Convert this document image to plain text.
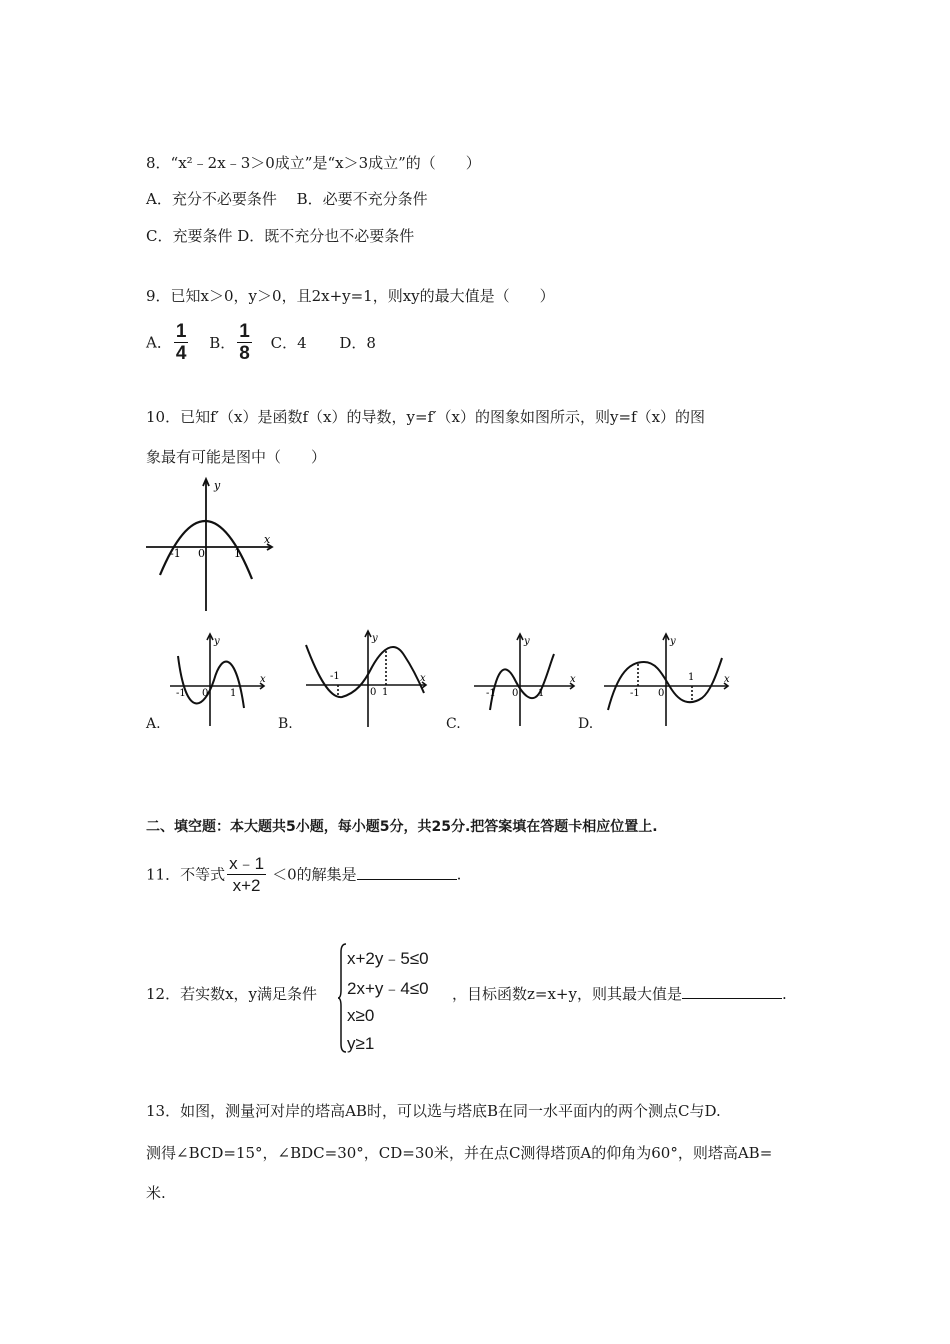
8．“x²﹣2x﹣3＞0成立”是“x＞3成立”的（　　）
A．充分不必要条件　 B．必要不充分条件
C．充要条件 D．既不充分也不必要条件
9．已知x＞0，y＞0，且2x+y=1，则xy的最大值是（　　）
A． $\frac{1}{4}$ B． $\frac{1}{8}$ C．4 D．8
10．已知f′（x）是函数f（x）的导数，y=f′（x）的图象如图所示，则y=f（x）的图
象最有可能是图中（　　）
y
x
-1 0	1
y
x
-1 0 1
A.
y
x
-1
0 1
B.
y
x
-1 0 1
C.
y
x
-1 0
1
D.
二、填空题：本大题共5小题，每小题5分，共25分.把答案填在答题卡相应位置上.
11．不等式 $\frac{x﹣1}{x+2} <0$的解集是	.
12．若实数x，y满足条件
x+2y﹣5≤0
2x+y﹣4≤0
x≥0
y≥1
，目标函数z=x+y，则其最大值是	.
13．如图，测量河对岸的塔高AB时，可以选与塔底B在同一水平面内的两个测点C与D.
测得∠BCD=15°，∠BDC=30°，CD=30米，并在点C测得塔顶A的仰角为60°，则塔高AB=
米.
